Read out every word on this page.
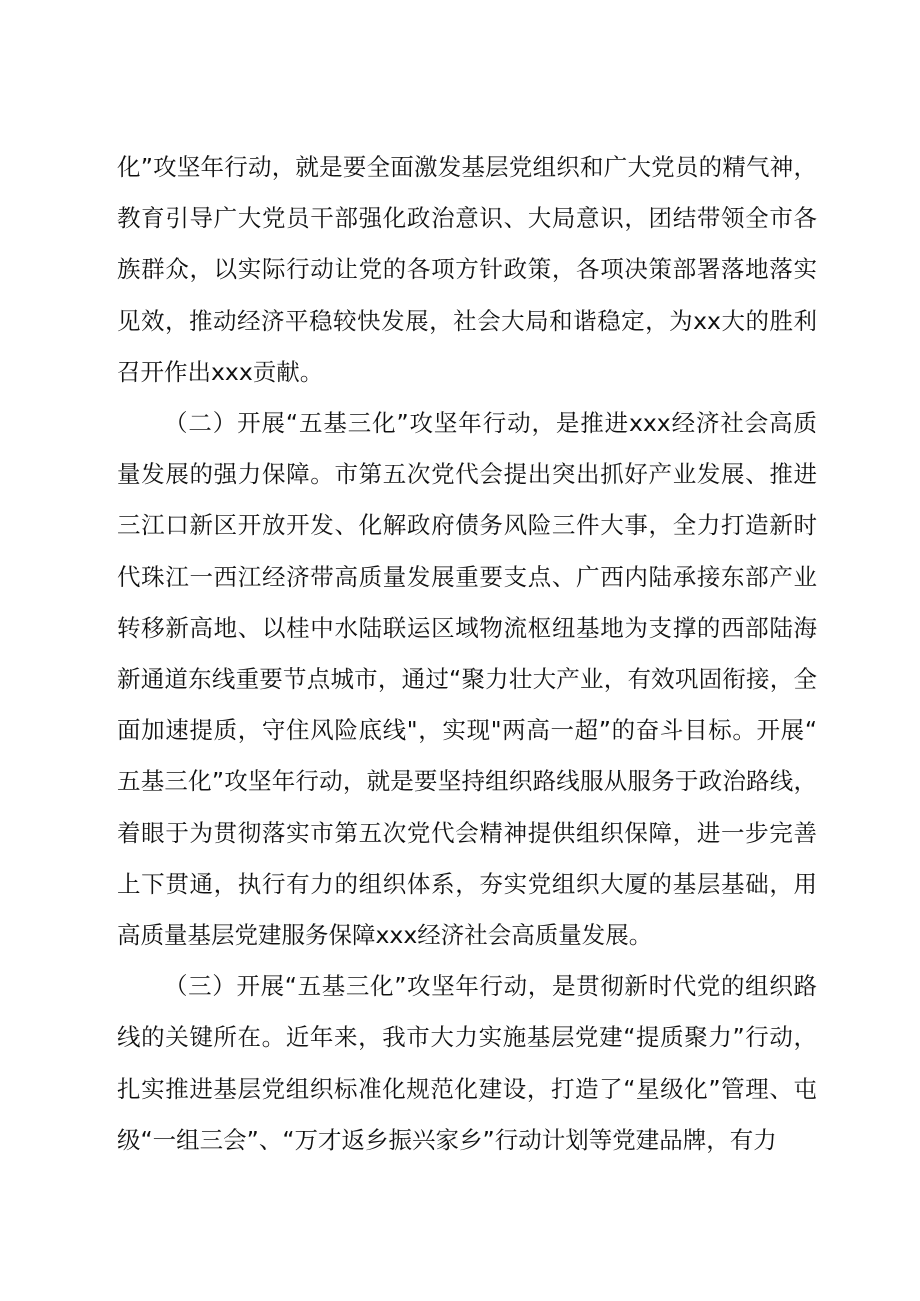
化”攻坚年行动，就是要全面激发基层党组织和广大党员的精气神，教育引导广大党员干部强化政治意识、大局意识，团结带领全市各族群众，以实际行动让党的各项方针政策，各项决策部署落地落实见效，推动经济平稳较快发展，社会大局和谐稳定，为xx大的胜利召开作出xxx贡献。

（二）开展“五基三化”攻坚年行动，是推进xxx经济社会高质量发展的强力保障。市第五次党代会提出突出抓好产业发展、推进三江口新区开放开发、化解政府债务风险三件大事，全力打造新时代珠江一西江经济带高质量发展重要支点、广西内陆承接东部产业转移新高地、以桂中水陆联运区域物流枢纽基地为支撑的西部陆海新通道东线重要节点城市，通过“聚力壮大产业，有效巩固衔接，全面加速提质，守住风险底线"，实现"两高一超”的奋斗目标。开展“五基三化”攻坚年行动，就是要坚持组织路线服从服务于政治路线，着眼于为贯彻落实市第五次党代会精神提供组织保障，进一步完善上下贯通，执行有力的组织体系，夯实党组织大厦的基层基础，用高质量基层党建服务保障xxx经济社会高质量发展。

（三）开展“五基三化”攻坚年行动，是贯彻新时代党的组织路线的关键所在。近年来，我市大力实施基层党建“提质聚力”行动，扎实推进基层党组织标准化规范化建设，打造了“星级化”管理、屯级“一组三会”、“万才返乡振兴家乡”行动计划等党建品牌，有力
